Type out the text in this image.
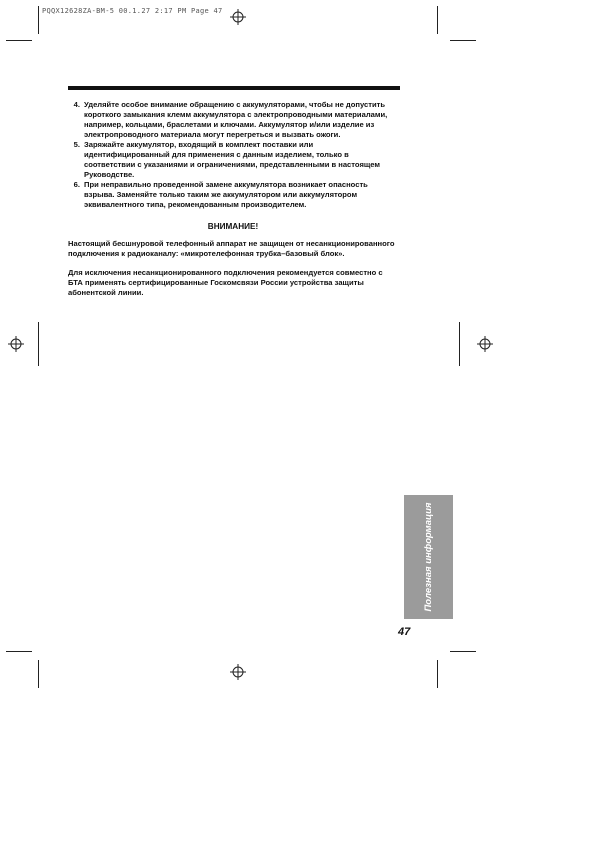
PQQX12628ZA-BM-5 00.1.27 2:17 PM Page 47
4. Уделяйте особое внимание обращению с аккумуляторами, чтобы не допустить короткого замыкания клемм аккумулятора с электропроводными материалами, например, кольцами, браслетами и ключами. Аккумулятор и/или изделие из электропроводного материала могут перегреться и вызвать ожоги.
5. Заряжайте аккумулятор, входящий в комплект поставки или идентифицированный для применения с данным изделием, только в соответствии с указаниями и ограничениями, представленными в настоящем Руководстве.
6. При неправильно проведенной замене аккумулятора возникает опасность взрыва. Заменяйте только таким же аккумулятором или аккумулятором эквивалентного типа, рекомендованным производителем.
ВНИМАНИЕ!

Настоящий бесшнуровой телефонный аппарат не защищен от несанкционированного подключения к радиоканалу: «микротелефонная трубка–базовый блок».

Для исключения несанкционированного подключения рекомендуется совместно с БТА применять сертифицированные Госкомсвязи России устройства защиты абонентской линии.

Полезная информация
47
